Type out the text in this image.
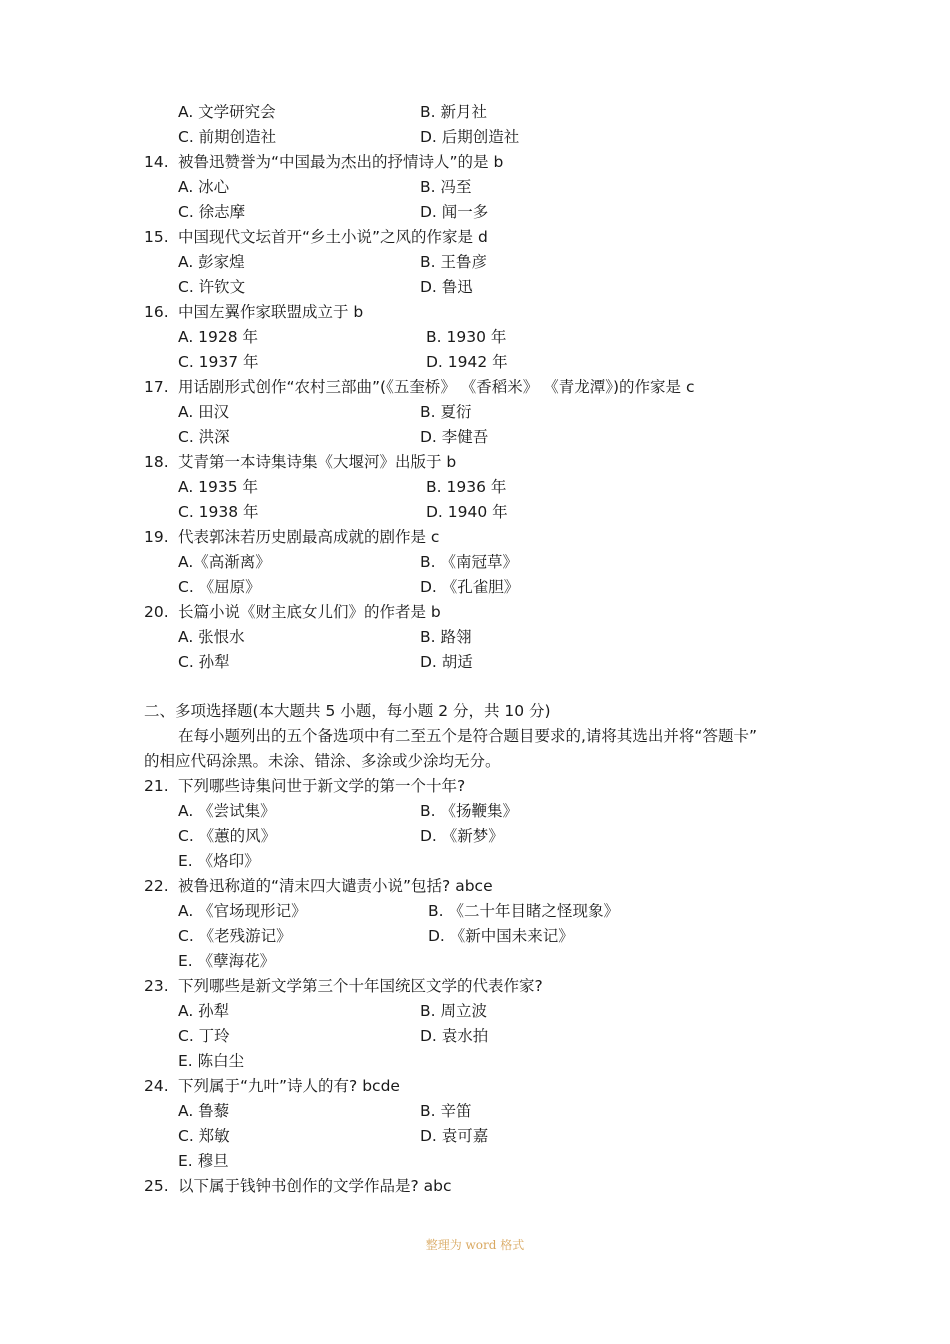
A. 文学研究会	B. 新月社
C. 前期创造社	D. 后期创造社
14. 被鲁迅赞誉为“中国最为杰出的抒情诗人”的是 b
A. 冰心	B. 冯至
C. 徐志摩	D. 闻一多
15. 中国现代文坛首开“乡土小说”之风的作家是 d
A. 彭家煌	B. 王鲁彦
C. 许钦文	D. 鲁迅
16. 中国左翼作家联盟成立于 b
A. 1928 年	B. 1930 年
C. 1937 年	D. 1942 年
17. 用话剧形式创作“农村三部曲”(《五奎桥》 《香稻米》 《青龙潭》)的作家是 c
A. 田汉	B. 夏衍
C. 洪深	D. 李健吾
18. 艾青第一本诗集诗集《大堰河》出版于 b
A. 1935 年	B. 1936 年
C. 1938 年	D. 1940 年
19. 代表郭沫若历史剧最高成就的剧作是 c
A.《高渐离》	B. 《南冠草》
C. 《屈原》	D. 《孔雀胆》
20. 长篇小说《财主底女儿们》的作者是 b
A. 张恨水	B. 路翎
C. 孙犁	D. 胡适
二、多项选择题(本大题共 5 小题，每小题 2 分，共 10 分)
在每小题列出的五个备选项中有二至五个是符合题目要求的,请将其选出并将“答题卡”
的相应代码涂黑。未涂、错涂、多涂或少涂均无分。
21. 下列哪些诗集问世于新文学的第一个十年?
A. 《尝试集》	B. 《扬鞭集》
C. 《蕙的风》	D. 《新梦》
E. 《烙印》
22. 被鲁迅称道的“清末四大谴责小说”包括? abce
A. 《官场现形记》	B. 《二十年目睹之怪现象》
C. 《老残游记》	D. 《新中国未来记》
E. 《孽海花》
23. 下列哪些是新文学第三个十年国统区文学的代表作家?
A. 孙犁	B. 周立波
C. 丁玲	D. 袁水拍
E. 陈白尘
24. 下列属于“九叶”诗人的有? bcde
A. 鲁藜	B. 辛笛
C. 郑敏	D. 袁可嘉
E. 穆旦
25. 以下属于钱钟书创作的文学作品是? abc
整理为 word 格式
